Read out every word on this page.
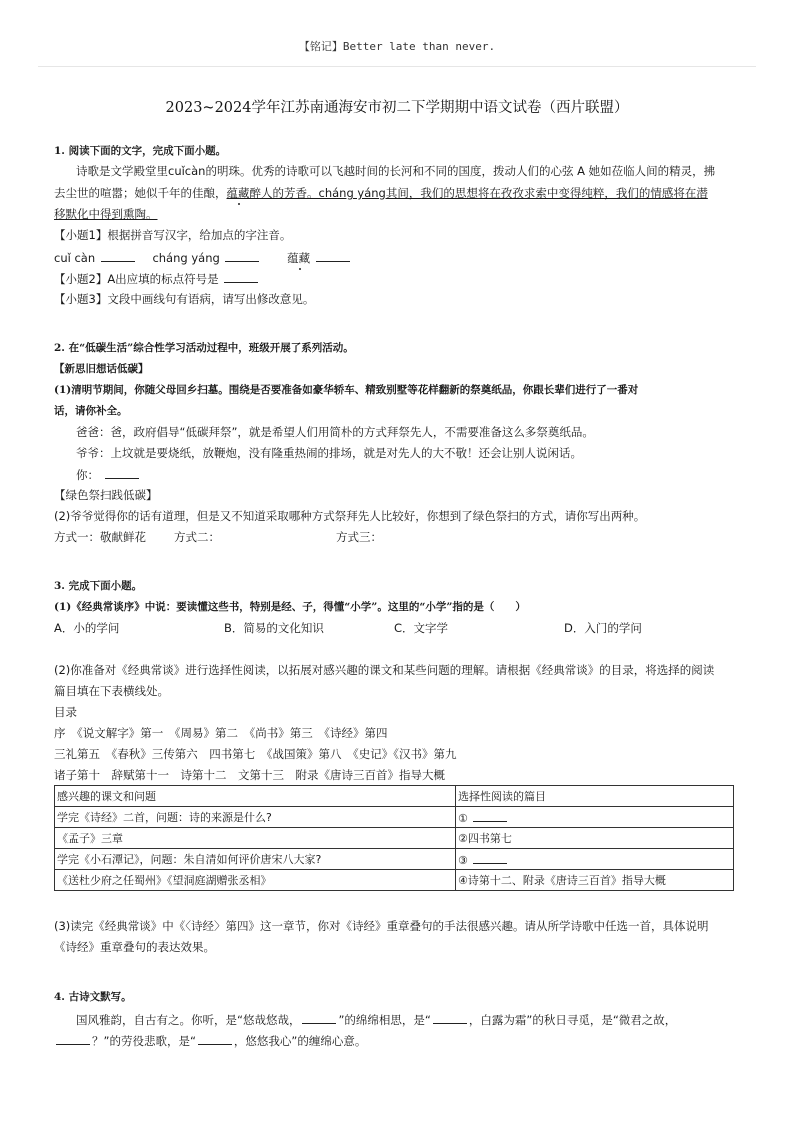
【铭记】Better late than never.
2023~2024学年江苏南通海安市初二下学期期中语文试卷（西片联盟）
1. 阅读下面的文字，完成下面小题。
诗歌是文学殿堂里cuǐcàn的明珠。优秀的诗歌可以飞越时间的长河和不同的国度，拨动人们的心弦 A 她如莅临人间的精灵，拂
去尘世的喧嚣；她似千年的佳酿，蕴藏醉人的芳香。cháng yáng其间，我们的思想将在孜孜求索中变得纯粹，我们的情感将在潜
移默化中得到熏陶。
【小题1】根据拼音写汉字，给加点的字注音。
cuǐ càn	cháng yáng	蕴藏
【小题2】A出应填的标点符号是
【小题3】文段中画线句有语病，请写出修改意见。
2. 在“低碳生活”综合性学习活动过程中，班级开展了系列活动。
【新思旧想话低碳】
(1)清明节期间，你随父母回乡扫墓。围绕是否要准备如豪华轿车、精致别墅等花样翻新的祭奠纸品，你跟长辈们进行了一番对
话，请你补全。
爸爸：爸，政府倡导“低碳拜祭”，就是希望人们用简朴的方式拜祭先人，不需要准备这么多祭奠纸品。
爷爷：上坟就是要烧纸，放鞭炮，没有隆重热闹的排场，就是对先人的大不敬！还会让别人说闲话。
你：
【绿色祭扫践低碳】
(2)爷爷觉得你的话有道理，但是又不知道采取哪种方式祭拜先人比较好，你想到了绿色祭扫的方式，请你写出两种。
方式一：敬献鲜花 方式二：	方式三：
3. 完成下面小题。
(1)《经典常谈序》中说：要读懂这些书，特别是经、子，得懂“小学”。这里的“小学”指的是（　　）
A．小的学问	B．简易的文化知识	C．文字学	D．入门的学问
(2)你准备对《经典常谈》进行选择性阅读，以拓展对感兴趣的课文和某些问题的理解。请根据《经典常谈》的目录，将选择的阅读
篇目填在下表横线处。
目录
序　《说文解字》第一　《周易》第二　《尚书》第三　《诗经》第四
三礼第五　《春秋》三传第六　四书第七　《战国策》第八　《史记》《汉书》第九
诸子第十　辞赋第十一　诗第十二　文第十三　附录《唐诗三百首》指导大概
感兴趣的课文和问题	选择性阅读的篇目
学完《诗经》二首，问题：诗的来源是什么?	①
《孟子》三章	②四书第七
学完《小石潭记》，问题：朱自清如何评价唐宋八大家?	③
《送杜少府之任蜀州》《望洞庭湖赠张丞相》	④诗第十二、附录《唐诗三百首》指导大概
(3)读完《经典常谈》中《〈诗经〉第四》这一章节，你对《诗经》重章叠句的手法很感兴趣。请从所学诗歌中任选一首，具体说明
《诗经》重章叠句的表达效果。
4. 古诗文默写。
国风雅韵，自古有之。你听，是“悠哉悠哉，	”的绵绵相思，是“	，白露为霜”的秋日寻觅，是“微君之故，
？”的劳役悲歌，是“	，悠悠我心”的缠绵心意。
